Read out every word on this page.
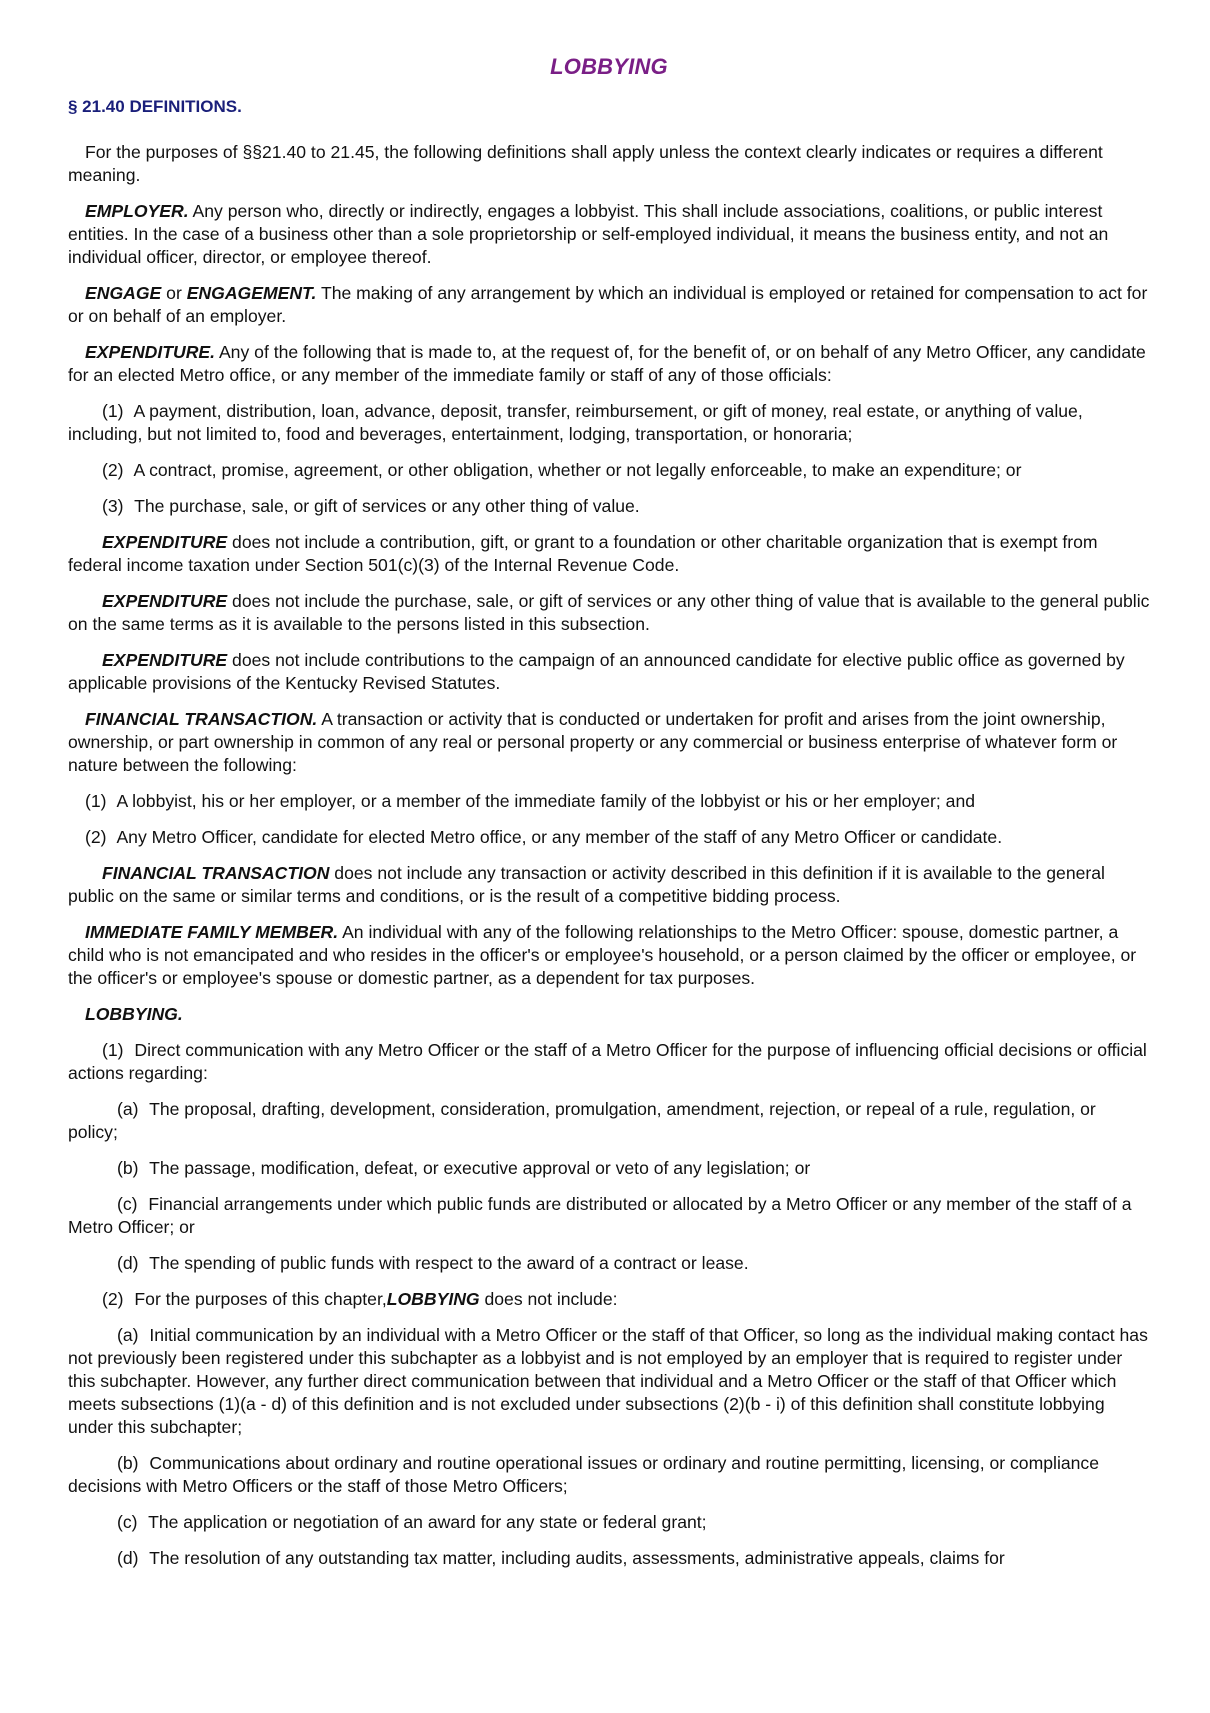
LOBBYING
§ 21.40 DEFINITIONS.

For the purposes of §§21.40 to 21.45, the following definitions shall apply unless the context clearly indicates or requires a different meaning.

EMPLOYER. Any person who, directly or indirectly, engages a lobbyist. This shall include associations, coalitions, or public interest entities. In the case of a business other than a sole proprietorship or self-employed individual, it means the business entity, and not an individual officer, director, or employee thereof.

ENGAGE or ENGAGEMENT. The making of any arrangement by which an individual is employed or retained for compensation to act for or on behalf of an employer.

EXPENDITURE. Any of the following that is made to, at the request of, for the benefit of, or on behalf of any Metro Officer, any candidate for an elected Metro office, or any member of the immediate family or staff of any of those officials:

(1) A payment, distribution, loan, advance, deposit, transfer, reimbursement, or gift of money, real estate, or anything of value, including, but not limited to, food and beverages, entertainment, lodging, transportation, or honoraria;

(2) A contract, promise, agreement, or other obligation, whether or not legally enforceable, to make an expenditure; or

(3) The purchase, sale, or gift of services or any other thing of value.

EXPENDITURE does not include a contribution, gift, or grant to a foundation or other charitable organization that is exempt from federal income taxation under Section 501(c)(3) of the Internal Revenue Code.

EXPENDITURE does not include the purchase, sale, or gift of services or any other thing of value that is available to the general public on the same terms as it is available to the persons listed in this subsection.

EXPENDITURE does not include contributions to the campaign of an announced candidate for elective public office as governed by applicable provisions of the Kentucky Revised Statutes.

FINANCIAL TRANSACTION. A transaction or activity that is conducted or undertaken for profit and arises from the joint ownership, ownership, or part ownership in common of any real or personal property or any commercial or business enterprise of whatever form or nature between the following:

(1) A lobbyist, his or her employer, or a member of the immediate family of the lobbyist or his or her employer; and

(2) Any Metro Officer, candidate for elected Metro office, or any member of the staff of any Metro Officer or candidate.

FINANCIAL TRANSACTION does not include any transaction or activity described in this definition if it is available to the general public on the same or similar terms and conditions, or is the result of a competitive bidding process.

IMMEDIATE FAMILY MEMBER. An individual with any of the following relationships to the Metro Officer: spouse, domestic partner, a child who is not emancipated and who resides in the officer's or employee's household, or a person claimed by the officer or employee, or the officer's or employee's spouse or domestic partner, as a dependent for tax purposes.

LOBBYING.

(1) Direct communication with any Metro Officer or the staff of a Metro Officer for the purpose of influencing official decisions or official actions regarding:

(a) The proposal, drafting, development, consideration, promulgation, amendment, rejection, or repeal of a rule, regulation, or policy;

(b) The passage, modification, defeat, or executive approval or veto of any legislation; or

(c) Financial arrangements under which public funds are distributed or allocated by a Metro Officer or any member of the staff of a Metro Officer; or

(d) The spending of public funds with respect to the award of a contract or lease.

(2) For the purposes of this chapter,LOBBYING does not include:

(a) Initial communication by an individual with a Metro Officer or the staff of that Officer, so long as the individual making contact has not previously been registered under this subchapter as a lobbyist and is not employed by an employer that is required to register under this subchapter. However, any further direct communication between that individual and a Metro Officer or the staff of that Officer which meets subsections (1)(a - d) of this definition and is not excluded under subsections (2)(b - i) of this definition shall constitute lobbying under this subchapter;

(b) Communications about ordinary and routine operational issues or ordinary and routine permitting, licensing, or compliance decisions with Metro Officers or the staff of those Metro Officers;

(c) The application or negotiation of an award for any state or federal grant;

(d) The resolution of any outstanding tax matter, including audits, assessments, administrative appeals, claims for
